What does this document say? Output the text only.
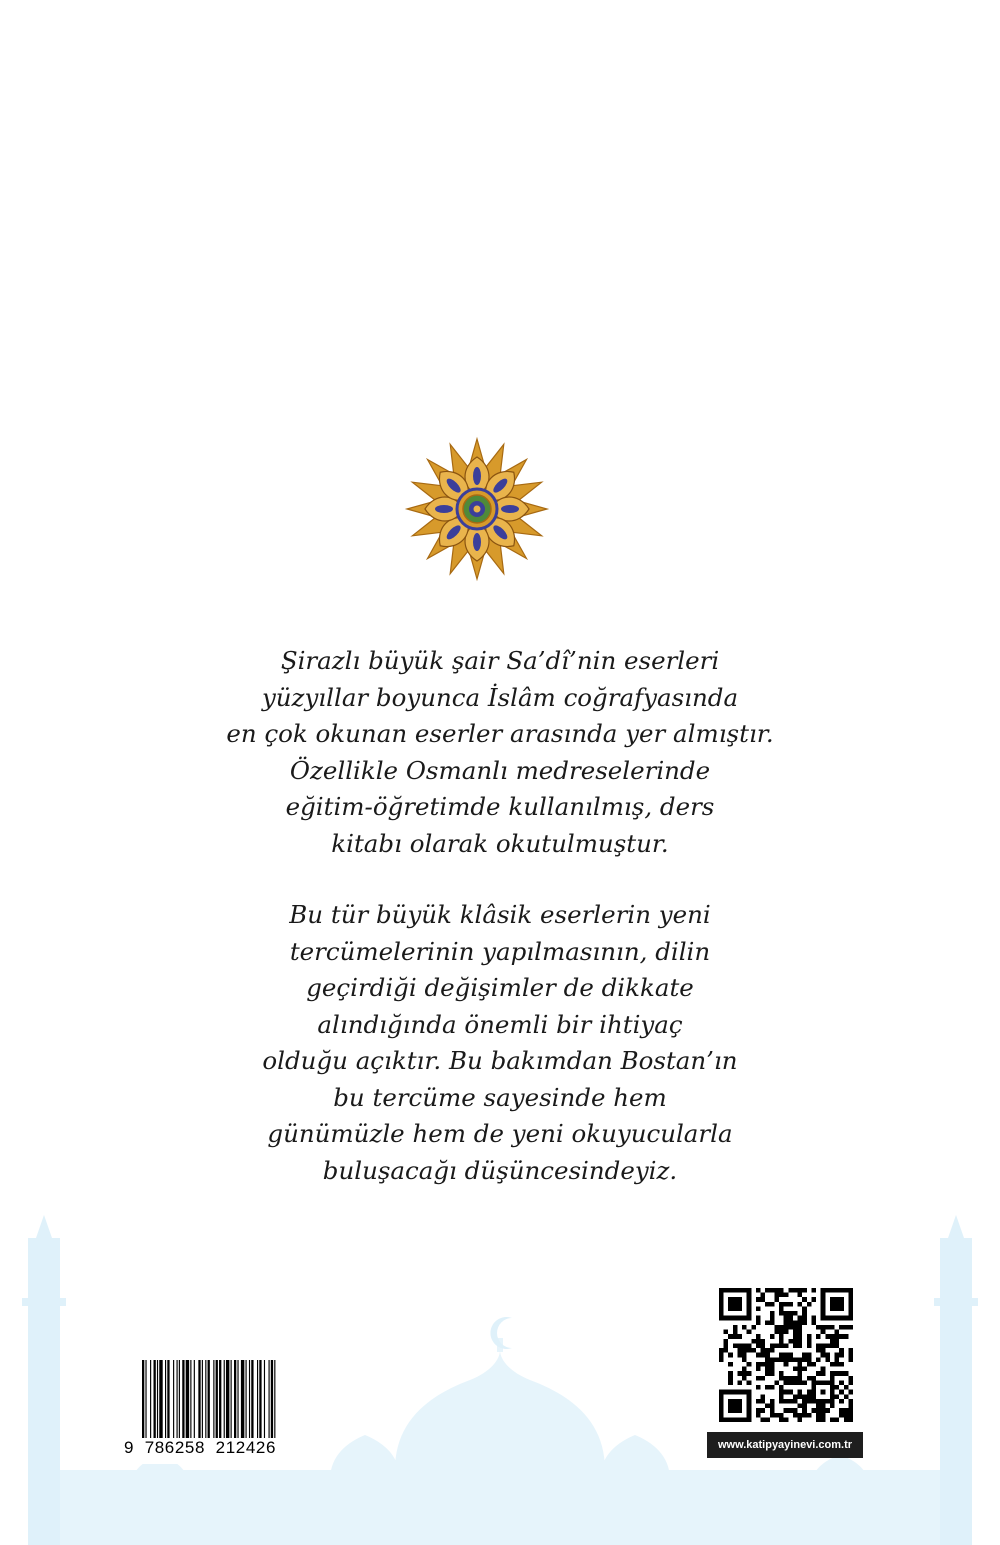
Şirazlı büyük şair Sa’dî’nin eserleri
yüzyıllar boyunca İslâm coğrafyasında
en çok okunan eserler arasında yer almıştır.
Özellikle Osmanlı medreselerinde
eğitim-öğretimde kullanılmış, ders
kitabı olarak okutulmuştur.
Bu tür büyük klâsik eserlerin yeni
tercümelerinin yapılmasının, dilin
geçirdiği değişimler de dikkate
alındığında önemli bir ihtiyaç
olduğu açıktır. Bu bakımdan Bostan’ın
bu tercüme sayesinde hem
günümüzle hem de yeni okuyucularla
buluşacağı düşüncesindeyiz.
9  786258  212426	www.katipyayinevi.com.tr
